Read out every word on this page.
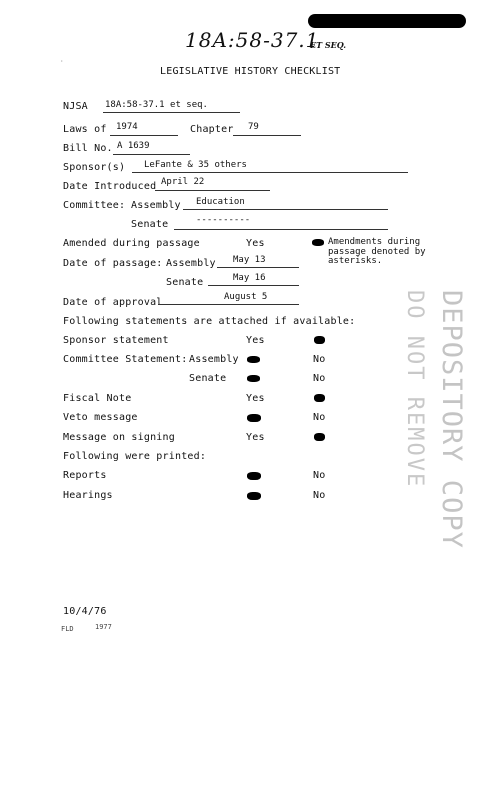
18A:58-37.1
ET SEQ.
·
LEGISLATIVE HISTORY CHECKLIST
NJSA 18A:58-37.1 et seq.
Laws of 1974	Chapter 79
Bill No. A 1639
Sponsor(s) LeFante & 35 others
Date Introduced April 22
Committee: Assembly Education
Senate	----------
Amended during passage	Yes	Amendments during
passage denoted by
asterisks.
Date of passage: Assembly May 13
Senate	May 16
Date of approval	August 5
Following statements are attached if available:
Sponsor statement	Yes
Committee Statement: Assembly	No
Senate	No
Fiscal Note	Yes
Veto message	No
Message on signing	Yes
Following were printed:
Reports	No
Hearings	No	DEPOSITORY COPY
DO NOT REMOVE
10/4/76
FLD	1977
